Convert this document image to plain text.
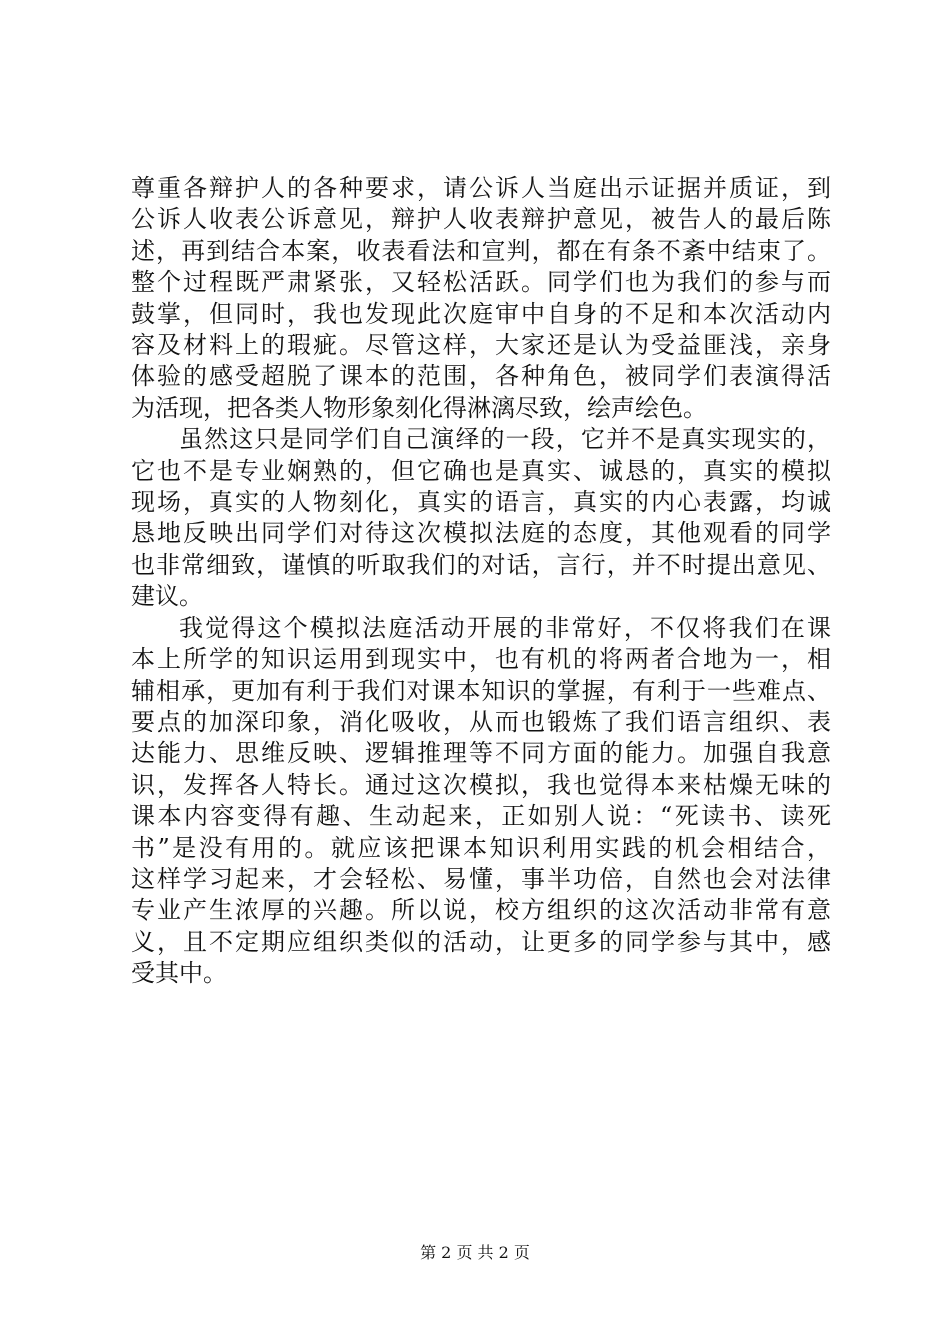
尊重各辩护人的各种要求，请公诉人当庭出示证据并质证，到
公诉人收表公诉意见，辩护人收表辩护意见，被告人的最后陈
述，再到结合本案，收表看法和宣判，都在有条不紊中结束了。
整个过程既严肃紧张，又轻松活跃。同学们也为我们的参与而
鼓掌，但同时，我也发现此次庭审中自身的不足和本次活动内
容及材料上的瑕疵。尽管这样，大家还是认为受益匪浅，亲身
体验的感受超脱了课本的范围，各种角色，被同学们表演得活
为活现，把各类人物形象刻化得淋漓尽致，绘声绘色。
虽然这只是同学们自己演绎的一段，它并不是真实现实的，
它也不是专业娴熟的，但它确也是真实、诚恳的，真实的模拟
现场，真实的人物刻化，真实的语言，真实的内心表露，均诚
恳地反映出同学们对待这次模拟法庭的态度，其他观看的同学
也非常细致，谨慎的听取我们的对话，言行，并不时提出意见、
建议。
我觉得这个模拟法庭活动开展的非常好，不仅将我们在课
本上所学的知识运用到现实中，也有机的将两者合地为一，相
辅相承，更加有利于我们对课本知识的掌握，有利于一些难点、
要点的加深印象，消化吸收，从而也锻炼了我们语言组织、表
达能力、思维反映、逻辑推理等不同方面的能力。加强自我意
识，发挥各人特长。通过这次模拟，我也觉得本来枯燥无味的
课本内容变得有趣、生动起来，正如别人说：“死读书、读死
书”是没有用的。就应该把课本知识利用实践的机会相结合，
这样学习起来，才会轻松、易懂，事半功倍，自然也会对法律
专业产生浓厚的兴趣。所以说，校方组织的这次活动非常有意
义，且不定期应组织类似的活动，让更多的同学参与其中，感
受其中。
第 2 页 共 2 页
